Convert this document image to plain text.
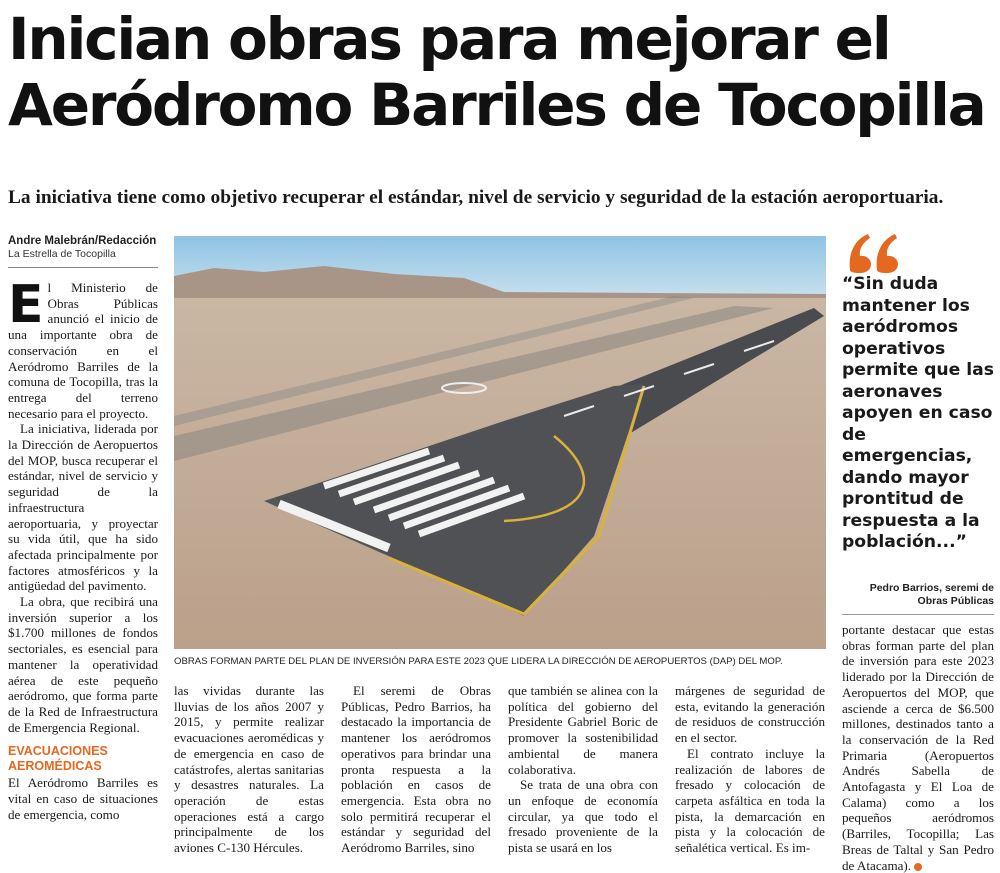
Inician obras para mejorar el
Aeródromo Barriles de Tocopilla
La iniciativa tiene como objetivo recuperar el estándar, nivel de servicio y seguridad de la estación aeroportuaria.
Andre Malebrán/Redacción
La Estrella de Tocopilla

El Ministerio de Obras Públicas anunció el inicio de una importante obra de conservación en el Aeródromo Barriles de la comuna de Tocopilla, tras la entrega del terreno necesario para el proyecto.

La iniciativa, liderada por la Dirección de Aeropuertos del MOP, busca recuperar el estándar, nivel de servicio y seguridad de la infraestructura aeroportuaria, y proyectar su vida útil, que ha sido afectada principalmente por factores atmosféricos y la antigüedad del pavimento.

La obra, que recibirá una inversión superior a los $1.700 millones de fondos sectoriales, es esencial para mantener la operatividad aérea de este pequeño aeródromo, que forma parte de la Red de Infraestructura de Emergencia Regional.

EVACUACIONES AEROMÉDICAS

El Aeródromo Barriles es vital en caso de situaciones de emergencia, como

OBRAS FORMAN PARTE DEL PLAN DE INVERSIÓN PARA ESTE 2023 QUE LIDERA LA DIRECCIÓN DE AEROPUERTOS (DAP) DEL MOP.

las vividas durante las lluvias de los años 2007 y 2015, y permite realizar evacuaciones aeromédicas y de emergencia en caso de catástrofes, alertas sanitarias y desastres naturales. La operación de estas operaciones está a cargo principalmente de los aviones C-130 Hércules.

El seremi de Obras Públicas, Pedro Barrios, ha destacado la importancia de mantener los aeródromos operativos para brindar una pronta respuesta a la población en casos de emergencia. Esta obra no solo permitirá recuperar el estándar y seguridad del Aeródromo Barriles, sino

que también se alinea con la política del gobierno del Presidente Gabriel Boric de promover la sostenibilidad ambiental de manera colaborativa.

Se trata de una obra con un enfoque de economía circular, ya que todo el fresado proveniente de la pista se usará en los

márgenes de seguridad de esta, evitando la generación de residuos de construcción en el sector.

El contrato incluye la realización de labores de fresado y colocación de carpeta asfáltica en toda la pista, la demarcación en pista y la colocación de señalética vertical. Es im-

“Sin duda mantener los aeródromos operativos permite que las aeronaves apoyen en caso de emergencias, dando mayor prontitud de respuesta a la población...”
Pedro Barrios, seremi de Obras Públicas

portante destacar que estas obras forman parte del plan de inversión para este 2023 liderado por la Dirección de Aeropuertos del MOP, que asciende a cerca de $6.500 millones, destinados tanto a la conservación de la Red Primaria (Aeropuertos Andrés Sabella de Antofagasta y El Loa de Calama) como a los pequeños aeródromos (Barriles, Tocopilla; Las Breas de Taltal y San Pedro de Atacama).
